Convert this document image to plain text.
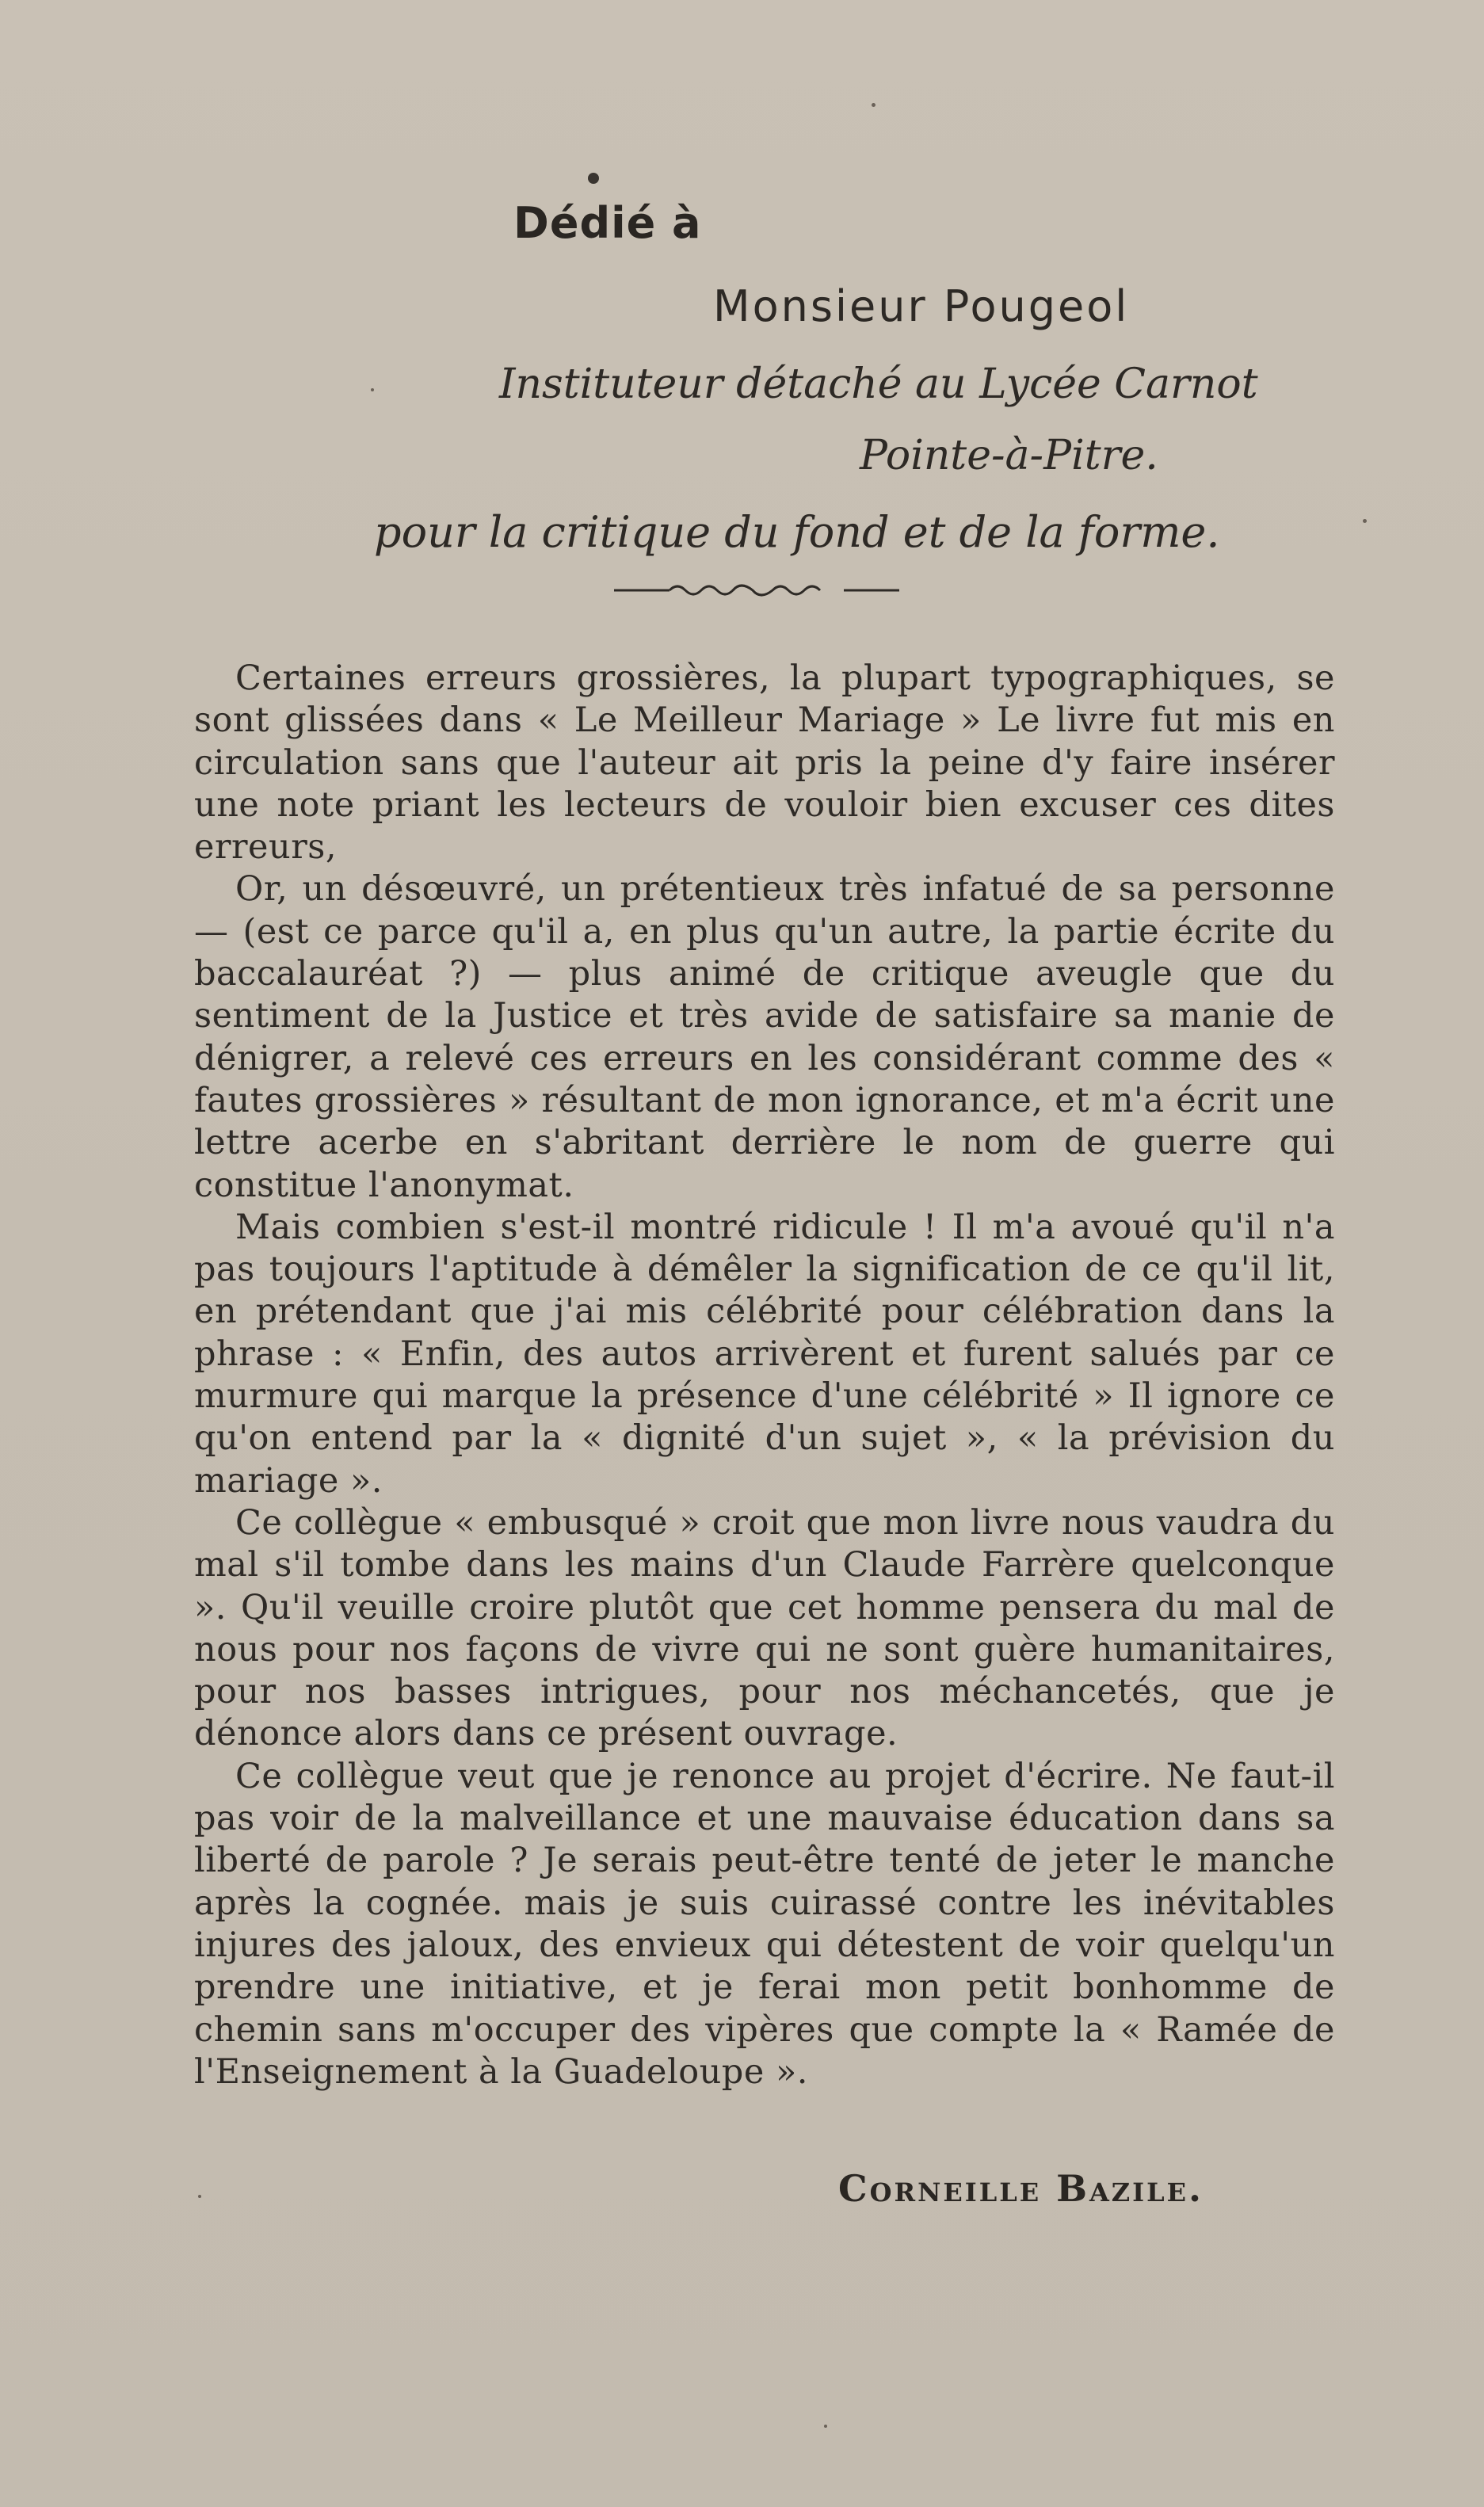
Dédié à
Monsieur Pougeol
Instituteur détaché au Lycée Carnot
Pointe-à-Pitre.
pour la critique du fond et de la forme.

Certaines erreurs grossières, la plupart typographiques, se sont glissées dans « Le Meilleur Mariage » Le livre fut mis en circulation sans que l'auteur ait pris la peine d'y faire insérer une note priant les lecteurs de vouloir bien excuser ces dites erreurs,

Or, un désœuvré, un prétentieux très infatué de sa personne — (est ce parce qu'il a, en plus qu'un autre, la partie écrite du baccalauréat ?) — plus animé de critique aveugle que du sentiment de la Justice et très avide de satisfaire sa manie de dénigrer, a relevé ces erreurs en les considérant comme des « fautes grossières » résultant de mon ignorance, et m'a écrit une lettre acerbe en s'abritant derrière le nom de guerre qui constitue l'anonymat.

Mais combien s'est-il montré ridicule ! Il m'a avoué qu'il n'a pas toujours l'aptitude à démêler la signification de ce qu'il lit, en prétendant que j'ai mis célébrité pour célébration dans la phrase : « Enfin, des autos arrivèrent et furent salués par ce murmure qui marque la présence d'une célébrité » Il ignore ce qu'on entend par la « dignité d'un sujet », « la prévision du mariage ».

Ce collègue « embusqué » croit que mon livre nous vaudra du mal s'il tombe dans les mains d'un Claude Farrère quelconque ». Qu'il veuille croire plutôt que cet homme pensera du mal de nous pour nos façons de vivre qui ne sont guère humanitaires, pour nos basses intrigues, pour nos méchancetés, que je dénonce alors dans ce présent ouvrage.

Ce collègue veut que je renonce au projet d'écrire. Ne faut-il pas voir de la malveillance et une mauvaise éducation dans sa liberté de parole ? Je serais peut-être tenté de jeter le manche après la cognée. mais je suis cuirassé contre les inévitables injures des jaloux, des envieux qui détestent de voir quelqu'un prendre une initiative, et je ferai mon petit bonhomme de chemin sans m'occuper des vipères que compte la « Ramée de l'Enseignement à la Guadeloupe ».

Corneille Bazile.
